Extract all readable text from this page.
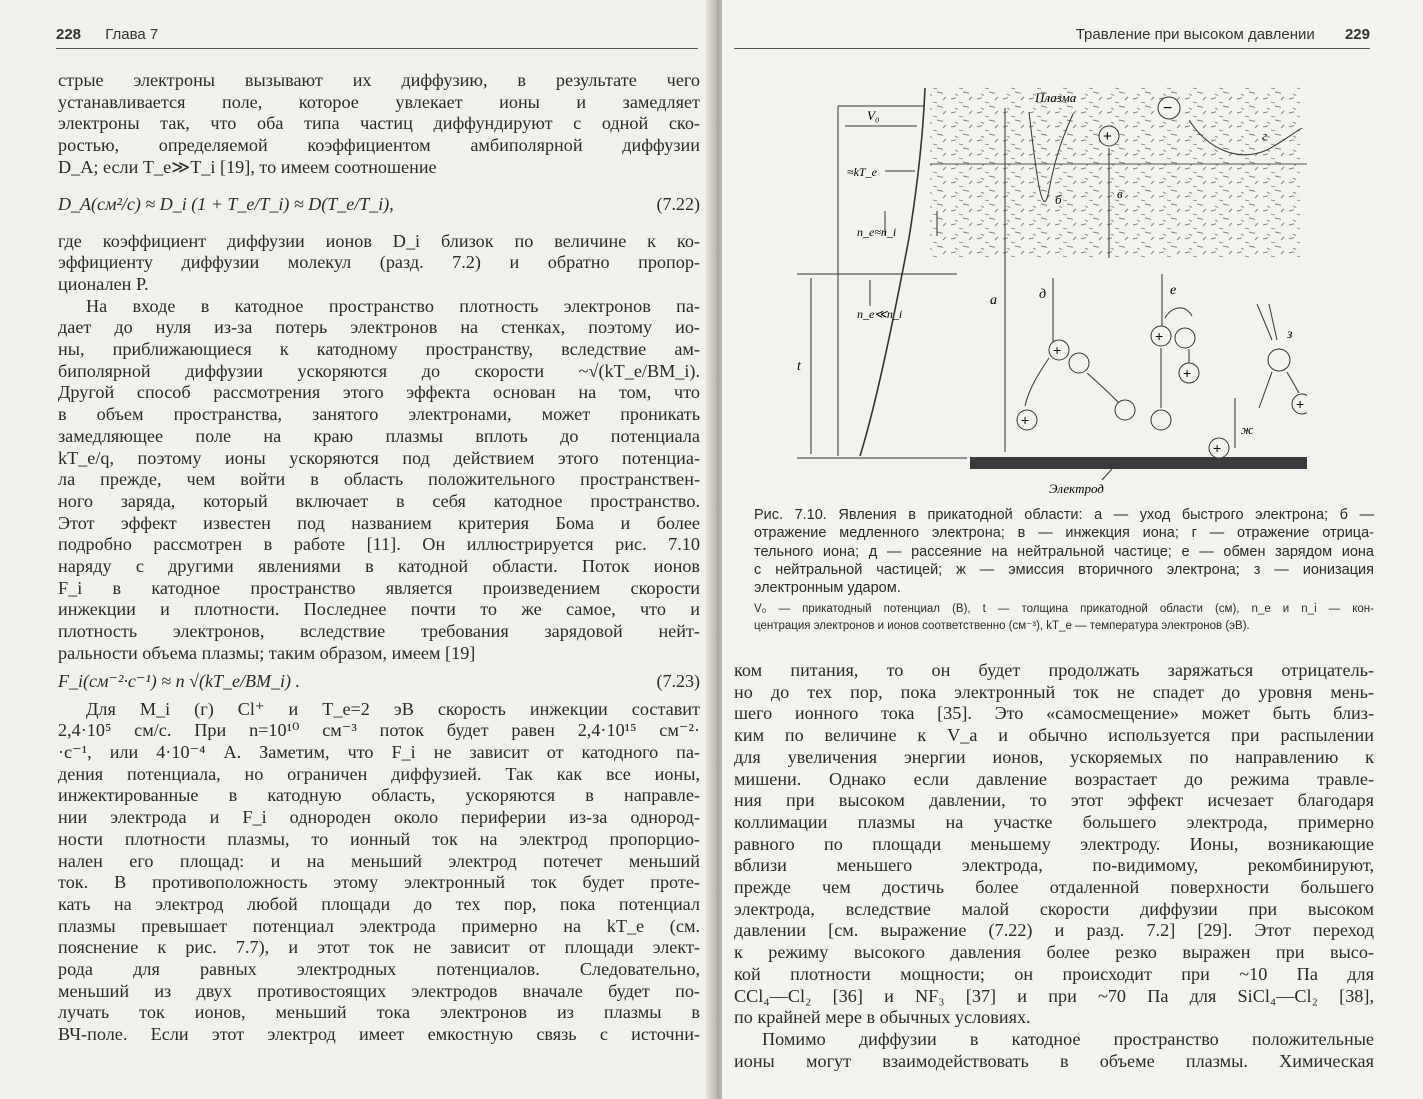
228 Глава 7

стрые электроны вызывают их диффузию, в результате чего

устанавливается поле, которое увлекает ионы и замедляет

электроны так, что оба типа частиц диффундируют с одной ско-

ростью, определяемой коэффициентом амбиполярной диффузии

D_A; если T_e≫T_i [19], то имеем соотношение

D_A(см²/с) ≈ D_i (1 + T_e/T_i) ≈ D(T_e/T_i),	(7.22)

где коэффициент диффузии ионов D_i близок по величине к ко-

эффициенту диффузии молекул (разд. 7.2) и обратно пропор-

ционален P.

На входе в катодное пространство плотность электронов па-

дает до нуля из-за потерь электронов на стенках, поэтому ио-

ны, приближающиеся к катодному пространству, вследствие ам-

биполярной диффузии ускоряются до скорости ~√(kT_e/BM_i).

Другой способ рассмотрения этого эффекта основан на том, что

в объем пространства, занятого электронами, может проникать

замедляющее поле на краю плазмы вплоть до потенциала

kT_e/q, поэтому ионы ускоряются под действием этого потенциа-

ла прежде, чем войти в область положительного пространствен-

ного заряда, который включает в себя катодное пространство.

Этот эффект известен под названием критерия Бома и более

подробно рассмотрен в работе [11]. Он иллюстрируется рис. 7.10

наряду с другими явлениями в катодной области. Поток ионов

F_i в катодное пространство является произведением скорости

инжекции и плотности. Последнее почти то же самое, что и

плотность электронов, вследствие требования зарядовой нейт-

ральности объема плазмы; таким образом, имеем [19]

F_i(см⁻²·с⁻¹) ≈ n √(kT_e/BM_i) .	(7.23)

Для M_i (г) Cl⁺ и T_e=2 эВ скорость инжекции составит

2,4·10⁵ см/с. При n=10¹⁰ см⁻³ поток будет равен 2,4·10¹⁵ см⁻²·

·с⁻¹, или 4·10⁻⁴ А. Заметим, что F_i не зависит от катодного па-

дения потенциала, но ограничен диффузией. Так как все ионы,

инжектированные в катодную область, ускоряются в направле-

нии электрода и F_i однороден около периферии из-за однород-

ности плотности плазмы, то ионный ток на электрод пропорцио-

нален его площад: и на меньший электрод потечет меньший

ток. В противоположность этому электронный ток будет проте-

кать на электрод любой площади до тех пор, пока потенциал

плазмы превышает потенциал электрода примерно на kT_e (см.

пояснение к рис. 7.7), и этот ток не зависит от площади элект-

рода для равных электродных потенциалов. Следовательно,

меньший из двух противостоящих электродов вначале будет по-

лучать ток ионов, меньший тока электронов из плазмы в

ВЧ-поле. Если этот электрод имеет емкостную связь с источни-

Травление при высоком давлении 229
V₀
≈kT_e
n_e≈n_i
n_e≪n_i
t
Электрод
Плазма
а
б
+
в
−
г
д
+
+
е
+
+
+
ж
з
+

Рис. 7.10. Явления в прикатодной области: а — уход быстрого электрона; б —

отражение медленного электрона; в — инжекция иона; г — отражение отрица-

тельного иона; д — рассеяние на нейтральной частице; е — обмен зарядом иона

с нейтральной частицей; ж — эмиссия вторичного электрона; з — ионизация

электронным ударом.

V₀ — прикатодный потенциал (В), t — толщина прикатодной области (см), n_e и n_i — кон-

центрация электронов и ионов соответственно (см⁻³), kT_e — температура электронов (эВ).

ком питания, то он будет продолжать заряжаться отрицатель-

но до тех пор, пока электронный ток не спадет до уровня мень-

шего ионного тока [35]. Это «самосмещение» может быть близ-

ким по величине к V_a и обычно используется при распылении

для увеличения энергии ионов, ускоряемых по направлению к

мишени. Однако если давление возрастает до режима травле-

ния при высоком давлении, то этот эффект исчезает благодаря

коллимации плазмы на участке большего электрода, примерно

равного по площади меньшему электроду. Ионы, возникающие

вблизи меньшего электрода, по-видимому, рекомбинируют,

прежде чем достичь более отдаленной поверхности большего

электрода, вследствие малой скорости диффузии при высоком

давлении [см. выражение (7.22) и разд. 7.2] [29]. Этот переход

к режиму высокого давления более резко выражен при высо-

кой плотности мощности; он происходит при ~10 Па для

CCl₄—Cl₂ [36] и NF₃ [37] и при ~70 Па для SiCl₄—Cl₂ [38],

по крайней мере в обычных условиях.

Помимо диффузии в катодное пространство положительные

ионы могут взаимодействовать в объеме плазмы. Химическая
